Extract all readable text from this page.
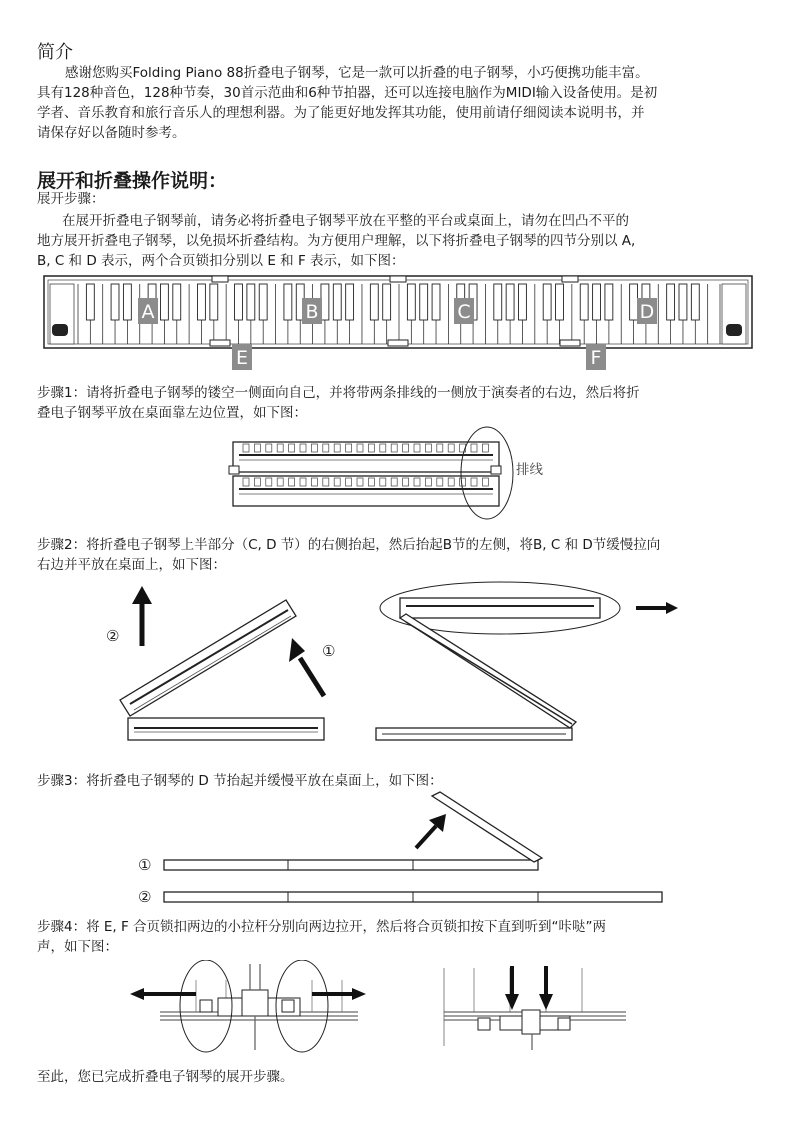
简介
感谢您购买Folding Piano 88折叠电子钢琴，它是一款可以折叠的电子钢琴，小巧便携功能丰富。
具有128种音色，128种节奏，30首示范曲和6种节拍器，还可以连接电脑作为MIDI输入设备使用。是初
学者、音乐教育和旅行音乐人的理想利器。为了能更好地发挥其功能，使用前请仔细阅读本说明书，并
请保存好以备随时参考。
展开和折叠操作说明：
展开步骤：
在展开折叠电子钢琴前，请务必将折叠电子钢琴平放在平整的平台或桌面上，请勿在凹凸不平的
地方展开折叠电子钢琴，以免损坏折叠结构。为方便用户理解，以下将折叠电子钢琴的四节分别以 A,
B, C 和 D 表示，两个合页锁扣分别以 E 和 F 表示，如下图：
A	B	C	D
E	F
步骤1：请将折叠电子钢琴的镂空一侧面向自己，并将带两条排线的一侧放于演奏者的右边，然后将折
叠电子钢琴平放在桌面靠左边位置，如下图：
排线
步骤2：将折叠电子钢琴上半部分（C, D 节）的右侧抬起，然后抬起B节的左侧，将B, C 和 D节缓慢拉向
右边并平放在桌面上，如下图：
②
①
步骤3：将折叠电子钢琴的 D 节抬起并缓慢平放在桌面上，如下图：
①
②
步骤4：将 E, F 合页锁扣两边的小拉杆分别向两边拉开，然后将合页锁扣按下直到听到“咔哒”两
声，如下图：
至此，您已完成折叠电子钢琴的展开步骤。
